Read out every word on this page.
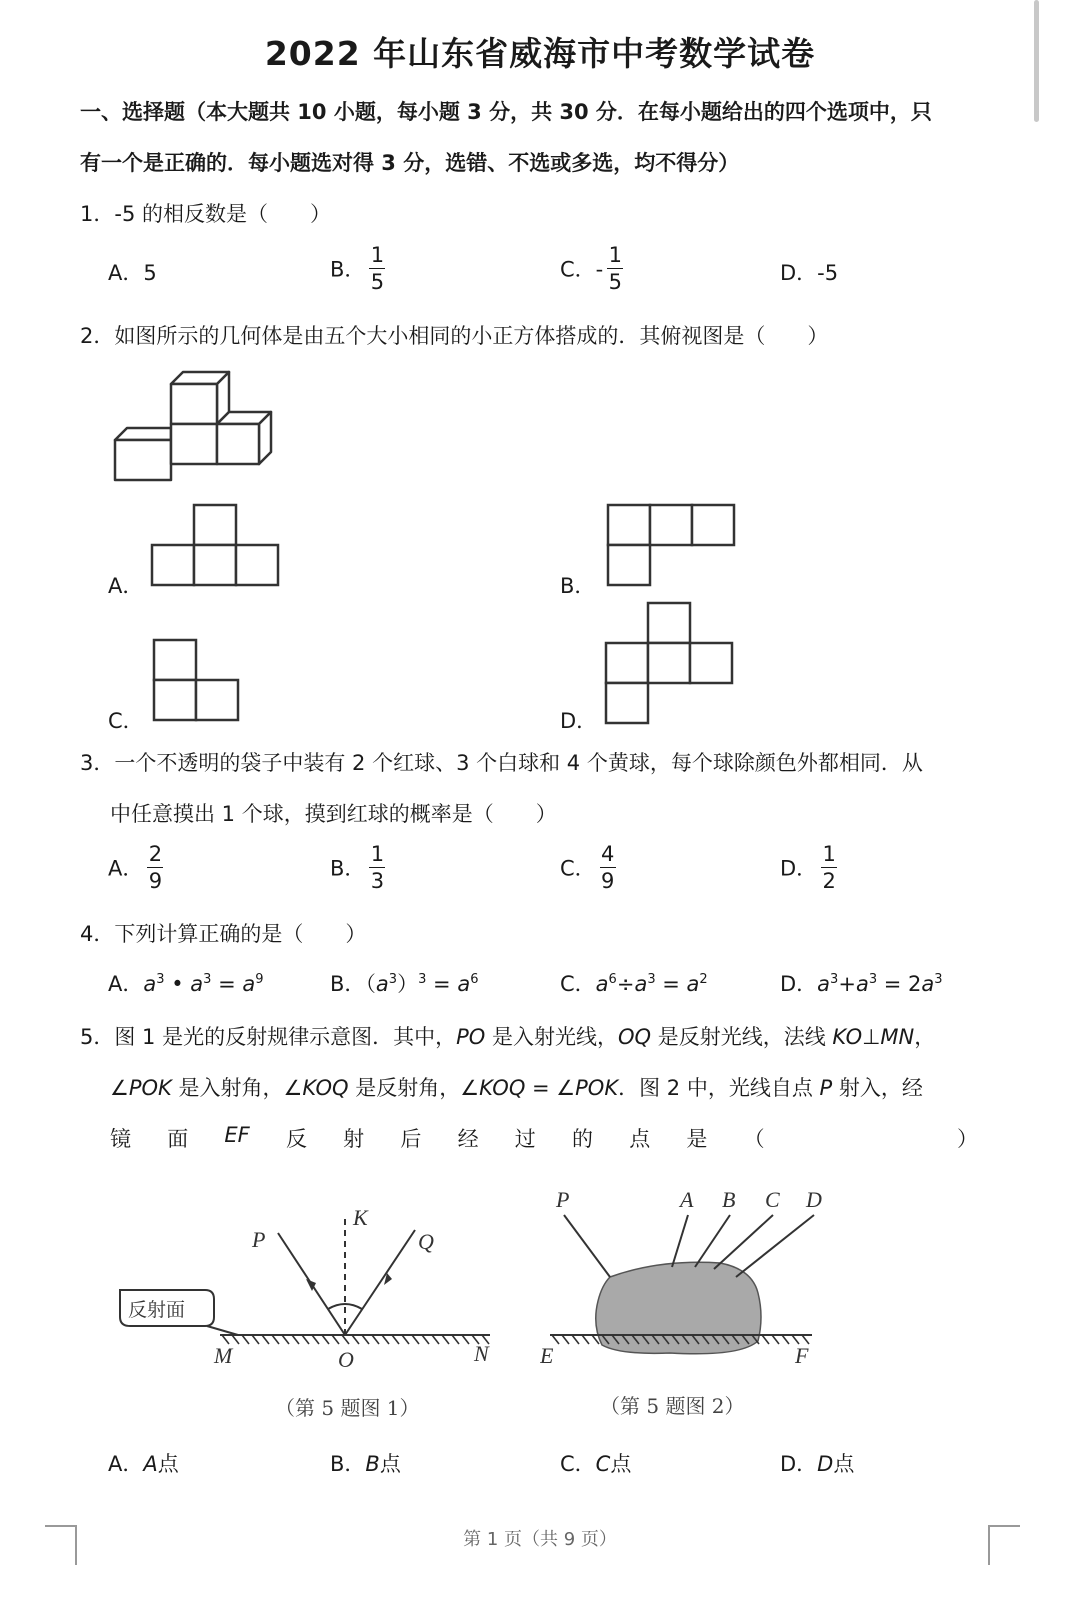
2022 年山东省威海市中考数学试卷
一、选择题（本大题共 10 小题，每小题 3 分，共 30 分．在每小题给出的四个选项中，只
有一个是正确的．每小题选对得 3 分，选错、不选或多选，均不得分）
1．-5 的相反数是（　　）
A．5	B． $\frac{1}{5}$	C．- $\frac{1}{5}$	D．-5
2．如图所示的几何体是由五个大小相同的小正方体搭成的．其俯视图是（　　）
A．	B．
C．	D．
3．一个不透明的袋子中装有 2 个红球、3 个白球和 4 个黄球，每个球除颜色外都相同．从
中任意摸出 1 个球，摸到红球的概率是（　　）
A． $\frac{2}{9}$	B． $\frac{1}{3}$	C． $\frac{4}{9}$	D． $\frac{1}{2}$
4．下列计算正确的是（　　）
A．$a^3$ • $a^3 = a^9$	B．$(a^3)^3 = a^6$	C．$a^6\div a^3 = a^2$	D．$a^3+a^3 = 2a^3$
5．图 1 是光的反射规律示意图．其中，PO 是入射光线，OQ 是反射光线，法线 KO⊥MN，
∠POK 是入射角，∠KOQ 是反射角，∠KOQ = ∠POK．图 2 中，光线自点 P 射入，经
镜 面 EF 反 射 后 经 过 的 点 是 （	）
P
K
Q
M	O	N
反射面
（第 5 题图 1）
P	A B C D
E	F
（第 5 题图 2）
A．A点	B．B点	C．C点	D．D点
第 1 页（共 9 页）
